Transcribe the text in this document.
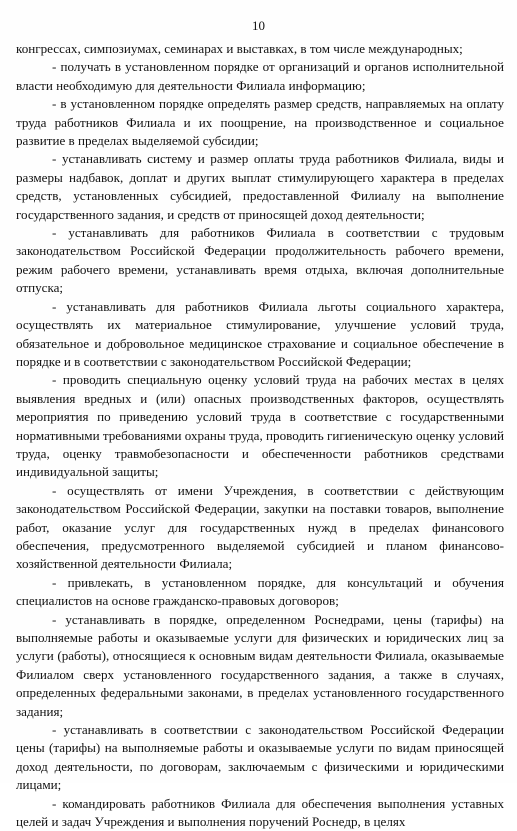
10

конгрессах, симпозиумах, семинарах и выставках, в том числе международных;

- получать в установленном порядке от организаций и органов исполнительной власти необходимую для деятельности Филиала информацию;

- в установленном порядке определять размер средств, направляемых на оплату труда работников Филиала и их поощрение, на производственное и социальное развитие в пределах выделяемой субсидии;

- устанавливать систему и размер оплаты труда работников Филиала, виды и размеры надбавок, доплат и других выплат стимулирующего характера в пределах средств, установленных субсидией, предоставленной Филиалу на выполнение государственного задания, и средств от приносящей доход деятельности;

- устанавливать для работников Филиала в соответствии с трудовым законодательством Российской Федерации продолжительность рабочего времени, режим рабочего времени, устанавливать время отдыха, включая дополнительные отпуска;

- устанавливать для работников Филиала льготы социального характера, осуществлять их материальное стимулирование, улучшение условий труда, обязательное и добровольное медицинское страхование и социальное обеспечение в порядке и в соответствии с законодательством Российской Федерации;

- проводить специальную оценку условий труда на рабочих местах в целях выявления вредных и (или) опасных производственных факторов, осуществлять мероприятия по приведению условий труда в соответствие с государственными нормативными требованиями охраны труда, проводить гигиеническую оценку условий труда, оценку травмобезопасности и обеспеченности работников средствами индивидуальной защиты;

- осуществлять от имени Учреждения, в соответствии с действующим законодательством Российской Федерации, закупки на поставки товаров, выполнение работ, оказание услуг для государственных нужд в пределах финансового обеспечения, предусмотренного выделяемой субсидией и планом финансово-хозяйственной деятельности Филиала;

- привлекать, в установленном порядке, для консультаций и обучения специалистов на основе гражданско-правовых договоров;

- устанавливать в порядке, определенном Роснедрами, цены (тарифы) на выполняемые работы и оказываемые услуги для физических и юридических лиц за услуги (работы), относящиеся к основным видам деятельности Филиала, оказываемые Филиалом сверх установленного государственного задания, а также в случаях, определенных федеральными законами, в пределах установленного государственного задания;

- устанавливать в соответствии с законодательством Российской Федерации цены (тарифы) на выполняемые работы и оказываемые услуги по видам приносящей доход деятельности, по договорам, заключаемым с физическими и юридическими лицами;

- командировать работников Филиала для обеспечения выполнения уставных целей и задач Учреждения и выполнения поручений Роснедр, в целях
